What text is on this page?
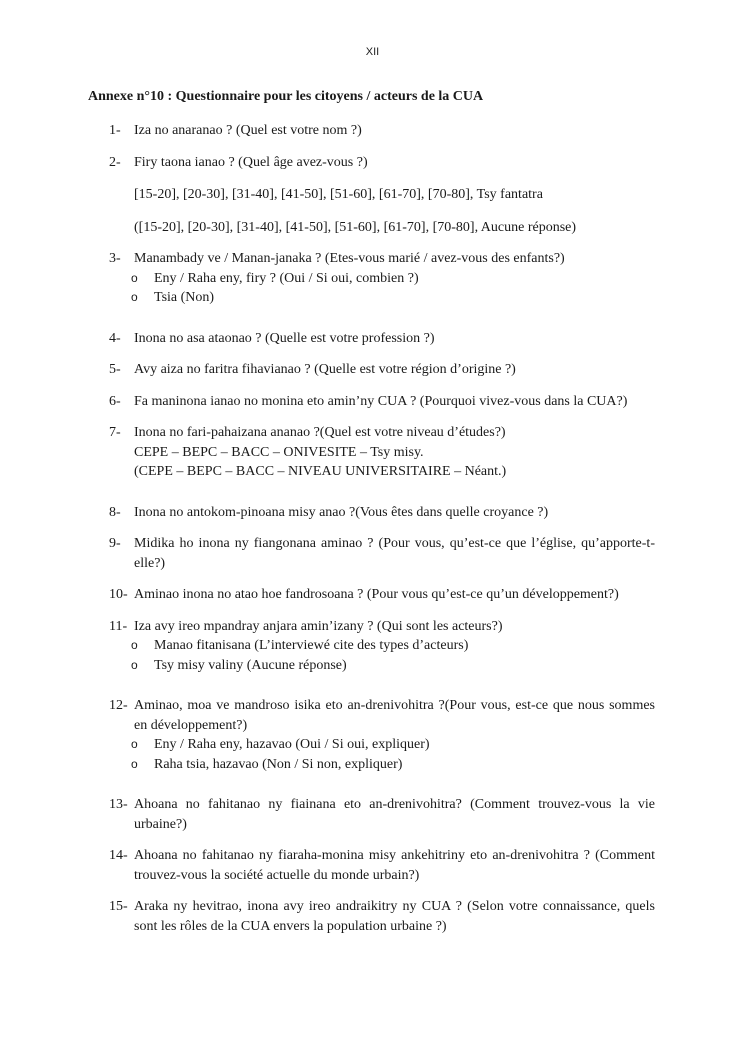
XII
Annexe n°10 : Questionnaire pour les citoyens / acteurs de la CUA
1- Iza no anaranao ? (Quel est votre nom ?)
2- Firy taona ianao ? (Quel âge avez-vous ?)
[15-20], [20-30], [31-40], [41-50], [51-60], [61-70], [70-80], Tsy fantatra
([15-20], [20-30], [31-40], [41-50], [51-60], [61-70], [70-80], Aucune réponse)
3- Manambady ve / Manan-janaka ? (Etes-vous marié / avez-vous des enfants?)
o Eny / Raha eny, firy ? (Oui / Si oui, combien ?)
o Tsia (Non)
4- Inona no asa ataonao ? (Quelle est votre profession ?)
5- Avy aiza no faritra fihavianao ? (Quelle est votre région d’origine ?)
6- Fa maninona ianao no monina eto amin’ny CUA ? (Pourquoi vivez-vous dans la CUA?)
7- Inona no fari-pahaizana ananao ?(Quel est votre niveau d’études?)
CEPE – BEPC – BACC – ONIVESITE – Tsy misy.
(CEPE – BEPC – BACC – NIVEAU UNIVERSITAIRE – Néant.)
8- Inona no antokom-pinoana misy anao ?(Vous êtes dans quelle croyance ?)
9- Midika ho inona ny fiangonana aminao ? (Pour vous, qu’est-ce que l’église, qu’apporte-t-elle?)
10- Aminao inona no atao hoe fandrosoana ? (Pour vous qu’est-ce qu’un développement?)
11- Iza avy ireo mpandray anjara amin’izany ? (Qui sont les acteurs?)
o Manao fitanisana (L’interviewé cite des types d’acteurs)
o Tsy misy valiny (Aucune réponse)
12- Aminao, moa ve mandroso isika eto an-drenivohitra ?(Pour vous, est-ce que nous sommes en développement?)
o Eny / Raha eny, hazavao (Oui / Si oui, expliquer)
o Raha tsia, hazavao (Non / Si non, expliquer)
13- Ahoana no fahitanao ny fiainana eto an-drenivohitra? (Comment trouvez-vous la vie urbaine?)
14- Ahoana no fahitanao ny fiaraha-monina misy ankehitriny eto an-drenivohitra ? (Comment trouvez-vous la société actuelle du monde urbain?)
15- Araka ny hevitrao, inona avy ireo andraikitry ny CUA ? (Selon votre connaissance, quels sont les rôles de la CUA envers la population urbaine ?)
